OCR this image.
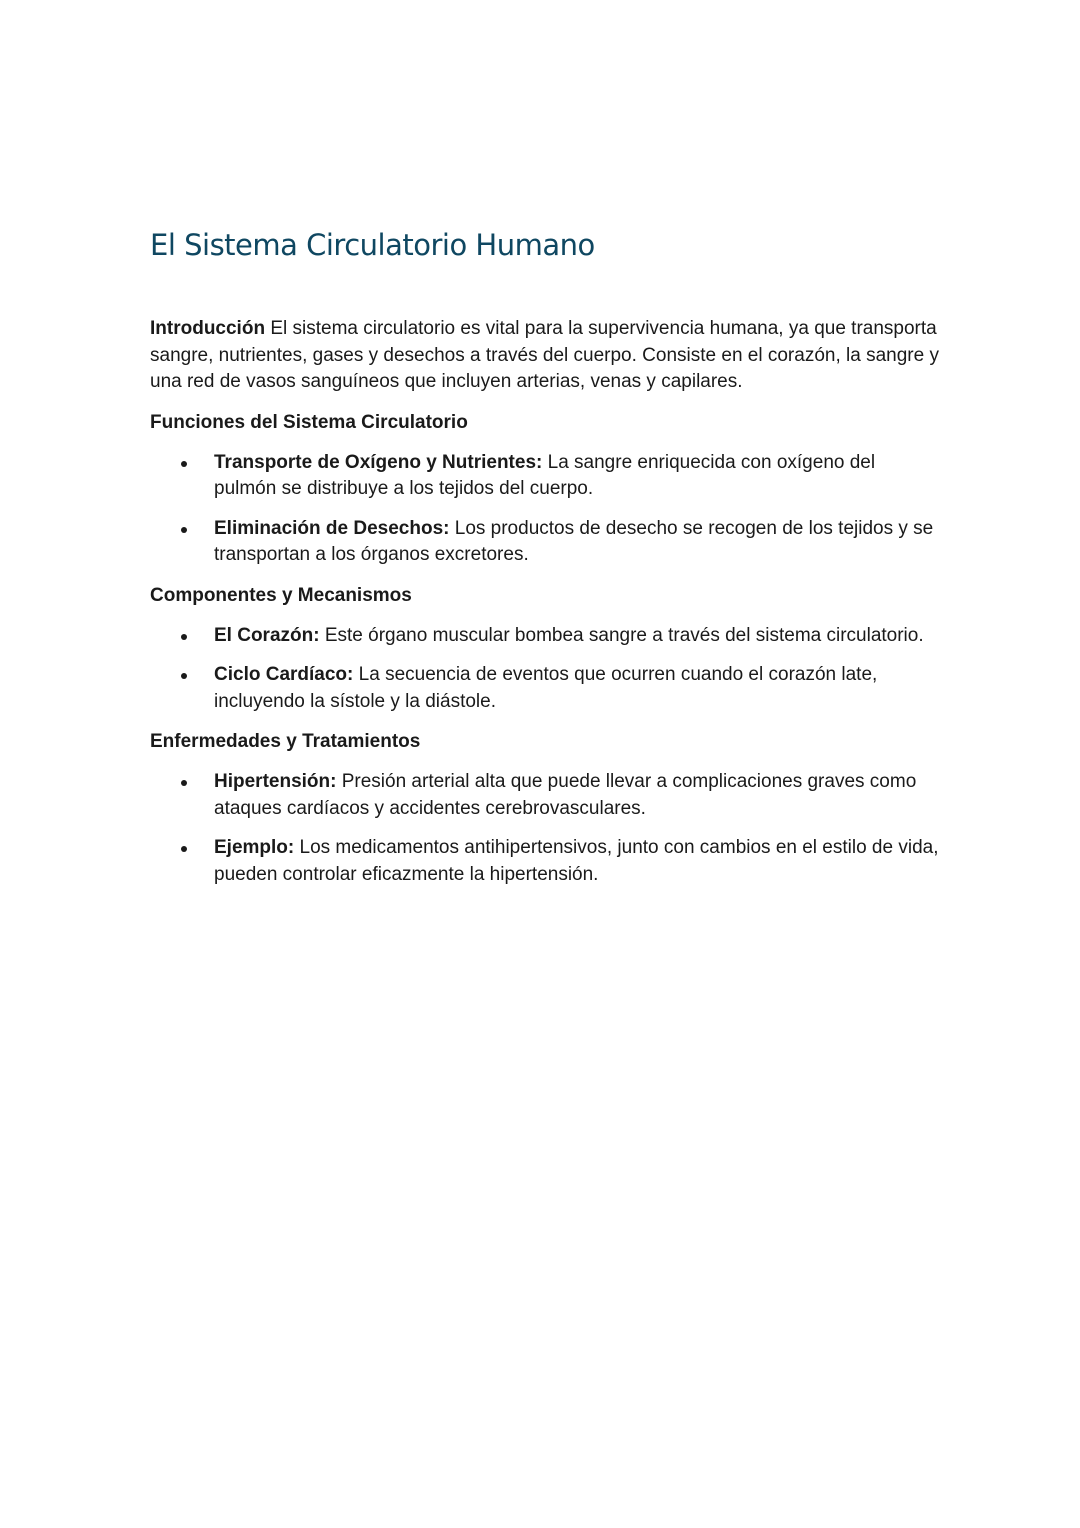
El Sistema Circulatorio Humano

Introducción El sistema circulatorio es vital para la supervivencia humana, ya que transporta sangre, nutrientes, gases y desechos a través del cuerpo. Consiste en el corazón, la sangre y una red de vasos sanguíneos que incluyen arterias, venas y capilares.

Funciones del Sistema Circulatorio

Transporte de Oxígeno y Nutrientes: La sangre enriquecida con oxígeno del pulmón se distribuye a los tejidos del cuerpo.
Eliminación de Desechos: Los productos de desecho se recogen de los tejidos y se transportan a los órganos excretores.

Componentes y Mecanismos

El Corazón: Este órgano muscular bombea sangre a través del sistema circulatorio.
Ciclo Cardíaco: La secuencia de eventos que ocurren cuando el corazón late, incluyendo la sístole y la diástole.

Enfermedades y Tratamientos

Hipertensión: Presión arterial alta que puede llevar a complicaciones graves como ataques cardíacos y accidentes cerebrovasculares.
Ejemplo: Los medicamentos antihipertensivos, junto con cambios en el estilo de vida, pueden controlar eficazmente la hipertensión.
